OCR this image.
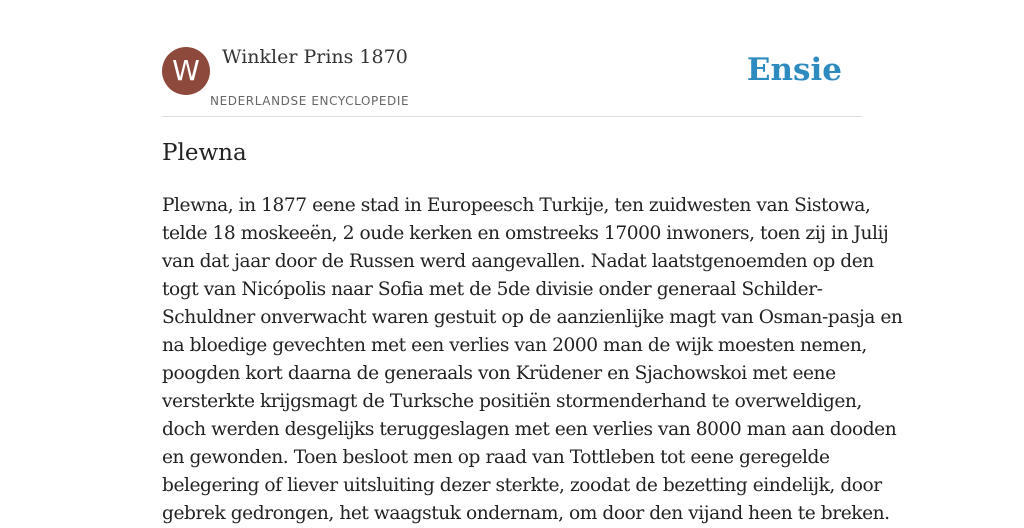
W	Winkler Prins 1870
NEDERLANDSE ENCYCLOPEDIE
Ensie
Plewna

Plewna, in 1877 eene stad in Europeesch Turkije, ten zuidwesten van Sistowa,
telde 18 moskeeën, 2 oude kerken en omstreeks 17000 inwoners, toen zij in Julij
van dat jaar door de Russen werd aangevallen. Nadat laatstgenoemden op den
togt van Nicópolis naar Sofia met de 5de divisie onder generaal Schilder-
Schuldner onverwacht waren gestuit op de aanzienlijke magt van Osman-pasja en
na bloedige gevechten met een verlies van 2000 man de wijk moesten nemen,
poogden kort daarna de generaals von Krüdener en Sjachowskoi met eene
versterkte krijgsmagt de Turksche positiën stormenderhand te overweldigen,
doch werden desgelijks teruggeslagen met een verlies van 8000 man aan dooden
en gewonden. Toen besloot men op raad van Tottleben tot eene geregelde
belegering of liever uitsluiting dezer sterkte, zoodat de bezetting eindelijk, door
gebrek gedrongen, het waagstuk ondernam, om door den vijand heen te breken.
